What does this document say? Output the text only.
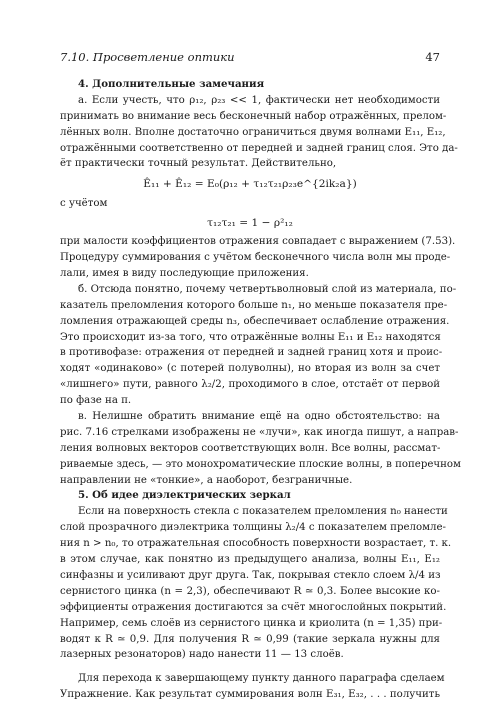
7.10. Просветление оптики	47
4. Дополнительные замечания
а. Если учесть, что ρ₁₂, ρ₂₃ << 1, фактически нет необходимости
принимать во внимание весь бесконечный набор отражённых, прелом-
лённых волн. Вполне достаточно ограничиться двумя волнами E₁₁, E₁₂,
отражёнными соответственно от передней и задней границ слоя. Это да-
ёт практически точный результат. Действительно,
Ê₁₁ + Ê₁₂ = E₀(ρ₁₂ + τ₁₂τ₂₁ρ₂₃e^{2ik₂a})
с учётом
τ₁₂τ₂₁ = 1 − ρ²₁₂
при малости коэффициентов отражения совпадает с выражением (7.53).
Процедуру суммирования с учётом бесконечного числа волн мы проде-
лали, имея в виду последующие приложения.
б. Отсюда понятно, почему четвертьволновый слой из материала, по-
казатель преломления которого больше n₁, но меньше показателя пре-
ломления отражающей среды n₃, обеспечивает ослабление отражения.
Это происходит из-за того, что отражённые волны E₁₁ и E₁₂ находятся
в противофазе: отражения от передней и задней границ хотя и проис-
ходят «одинаково» (с потерей полуволны), но вторая из волн за счет
«лишнего» пути, равного λ₂/2, проходимого в слое, отстаёт от первой
по фазе на π.
в. Нелишне обратить внимание ещё на одно обстоятельство: на
рис. 7.16 стрелками изображены не «лучи», как иногда пишут, а направ-
ления волновых векторов соответствующих волн. Все волны, рассмат-
риваемые здесь, — это монохроматические плоские волны, в поперечном
направлении не «тонкие», а наоборот, безграничные.
5. Об идее диэлектрических зеркал
Если на поверхность стекла с показателем преломления n₀ нанести
слой прозрачного диэлектрика толщины λ₂/4 с показателем преломле-
ния n > n₀, то отражательная способность поверхности возрастает, т. к.
в этом случае, как понятно из предыдущего анализа, волны E₁₁, E₁₂
синфазны и усиливают друг друга. Так, покрывая стекло слоем λ/4 из
сернистого цинка (n = 2,3), обеспечивают R ≃ 0,3. Более высокие ко-
эффициенты отражения достигаются за счёт многослойных покрытий.
Например, семь слоёв из сернистого цинка и криолита (n = 1,35) при-
водят к R ≃ 0,9. Для получения R ≃ 0,99 (такие зеркала нужны для
лазерных резонаторов) надо нанести 11 — 13 слоёв.
Для перехода к завершающему пункту данного параграфа сделаем
Упражнение. Как результат суммирования волн E₃₁, E₃₂, . . . получить
